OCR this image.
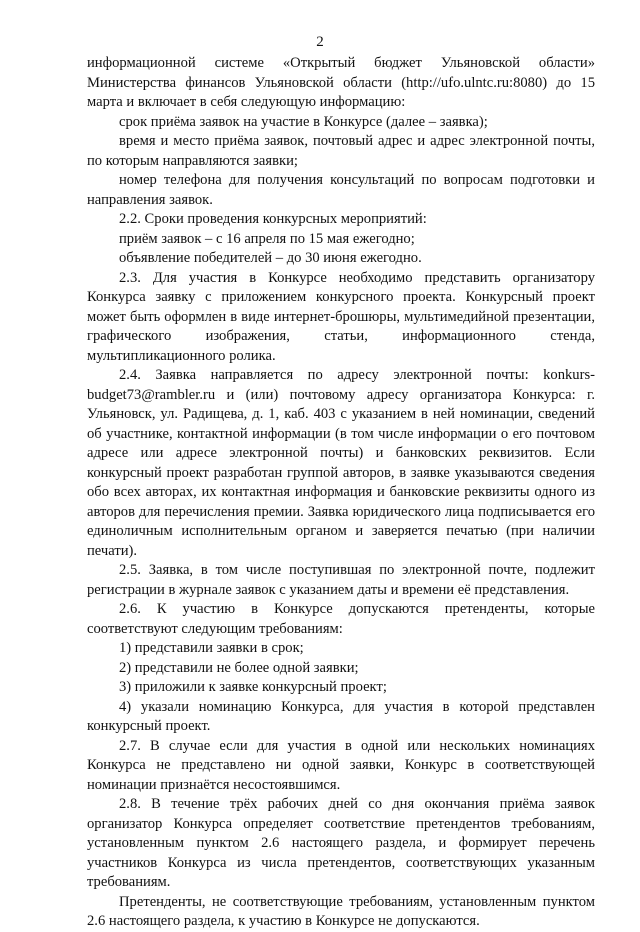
2

информационной системе «Открытый бюджет Ульяновской области» Министерства финансов Ульяновской области (http://ufo.ulntc.ru:8080) до 15 марта и включает в себя следующую информацию:

срок приёма заявок на участие в Конкурсе (далее – заявка);

время и место приёма заявок, почтовый адрес и адрес электронной почты, по которым направляются заявки;

номер телефона для получения консультаций по вопросам подготовки и направления заявок.

2.2. Сроки проведения конкурсных мероприятий:

приём заявок – с 16 апреля по 15 мая ежегодно;

объявление победителей – до 30 июня ежегодно.

2.3. Для участия в Конкурсе необходимо представить организатору Конкурса заявку с приложением конкурсного проекта. Конкурсный проект может быть оформлен в виде интернет-брошюры, мультимедийной презентации, графического изображения, статьи, информационного стенда, мультипликационного ролика.

2.4. Заявка направляется по адресу электронной почты: konkurs-budget73@rambler.ru и (или) почтовому адресу организатора Конкурса: г. Ульяновск, ул. Радищева, д. 1, каб. 403 с указанием в ней номинации, сведений об участнике, контактной информации (в том числе информации о его почтовом адресе или адресе электронной почты) и банковских реквизитов. Если конкурсный проект разработан группой авторов, в заявке указываются сведения обо всех авторах, их контактная информация и банковские реквизиты одного из авторов для перечисления премии. Заявка юридического лица подписывается его единоличным исполнительным органом и заверяется печатью (при наличии печати).

2.5. Заявка, в том числе поступившая по электронной почте, подлежит регистрации в журнале заявок с указанием даты и времени её представления.

2.6. К участию в Конкурсе допускаются претенденты, которые соответствуют следующим требованиям:

1) представили заявки в срок;

2) представили не более одной заявки;

3) приложили к заявке конкурсный проект;

4) указали номинацию Конкурса, для участия в которой представлен конкурсный проект.

2.7. В случае если для участия в одной или нескольких номинациях Конкурса не представлено ни одной заявки, Конкурс в соответствующей номинации признаётся несостоявшимся.

2.8. В течение трёх рабочих дней со дня окончания приёма заявок организатор Конкурса определяет соответствие претендентов требованиям, установленным пунктом 2.6 настоящего раздела, и формирует перечень участников Конкурса из числа претендентов, соответствующих указанным требованиям.

Претенденты, не соответствующие требованиям, установленным пунктом 2.6 настоящего раздела, к участию в Конкурсе не допускаются.
